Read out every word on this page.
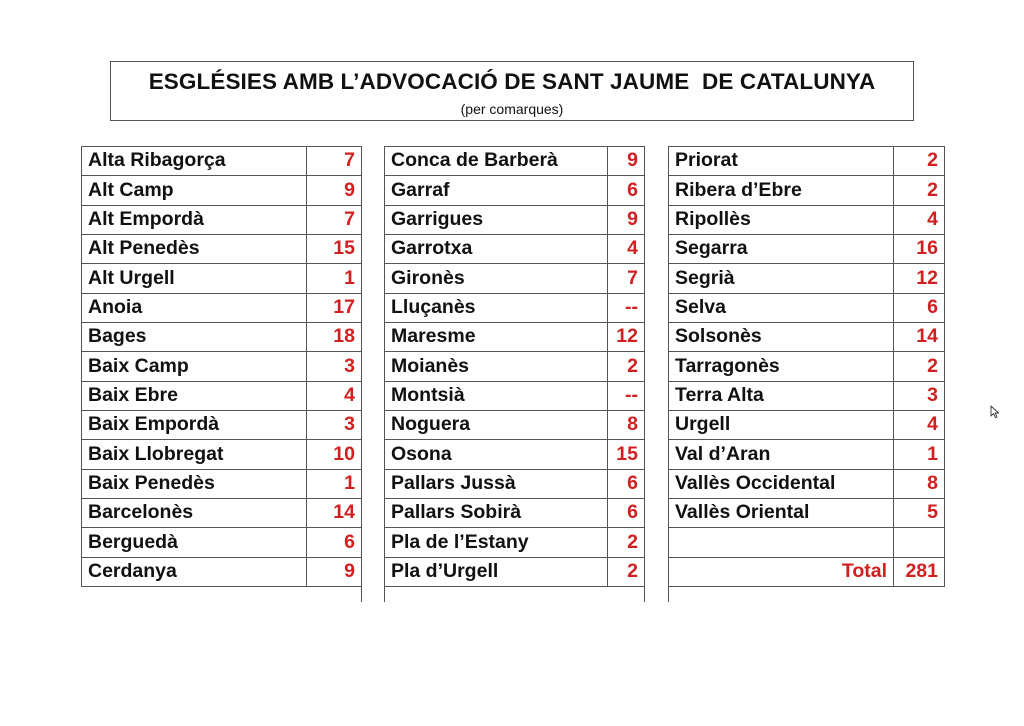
ESGLÉSIES AMB L’ADVOCACIÓ DE SANT JAUME  DE CATALUNYA
(per comarques)
Alta Ribagorça	7
Alt Camp	9
Alt Empordà	7
Alt Penedès	15
Alt Urgell	1
Anoia	17
Bages	18
Baix Camp	3
Baix Ebre	4
Baix Empordà	3
Baix Llobregat	10
Baix Penedès	1
Barcelonès	14
Berguedà	6
Cerdanya	9
Conca de Barberà	9
Garraf	6
Garrigues	9
Garrotxa	4
Gironès	7
Lluçanès	--
Maresme	12
Moianès	2
Montsià	--
Noguera	8
Osona	15
Pallars Jussà	6
Pallars Sobirà	6
Pla de l’Estany	2
Pla d’Urgell	2
Priorat	2
Ribera d’Ebre	2
Ripollès	4
Segarra	16
Segrià	12
Selva	6
Solsonès	14
Tarragonès	2
Terra Alta	3
Urgell	4
Val d’Aran	1
Vallès Occidental	8
Vallès Oriental	5

Total	281
